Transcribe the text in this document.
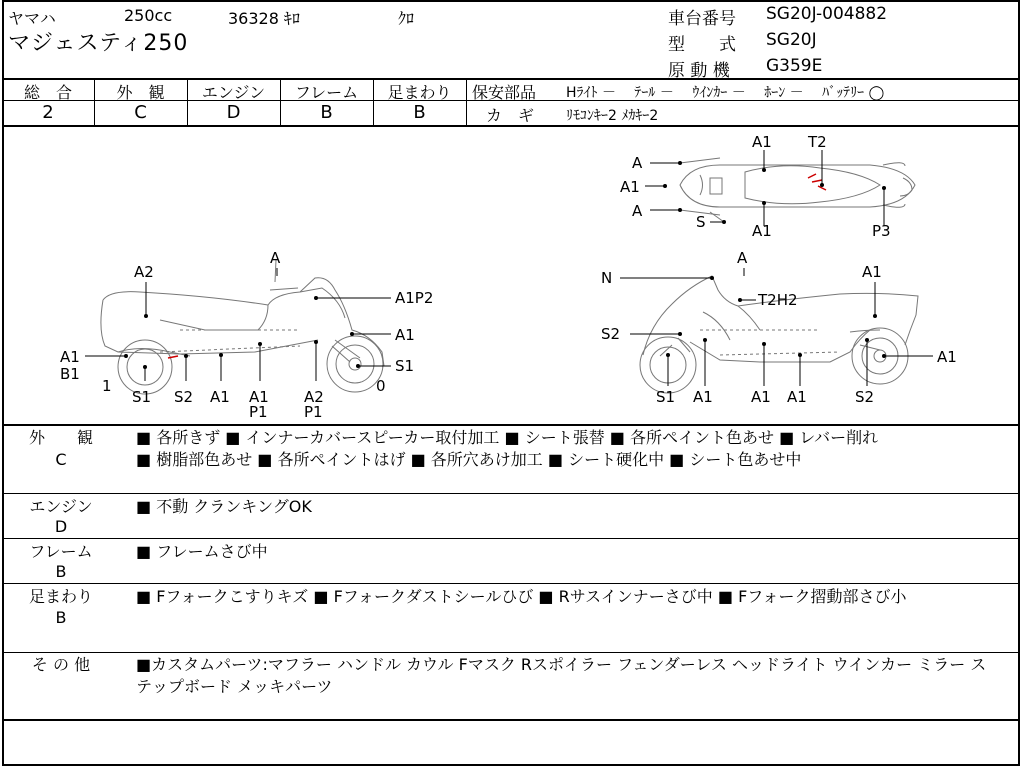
ヤマハ	250cc	36328 ｷﾛ	ｸﾛ
マジェスティ250
車台番号 SG20J-004882
型　　式 SG20J
原 動 機 G359E
総　合	外　観	エンジン	フレーム	足まわり
2	C	D	B	B
保安部品 Hﾗｲﾄ －　 ﾃｰﾙ －　 ｳｲﾝｶｰ －　 ﾎｰﾝ －　 ﾊﾞｯﾃﾘｰ ◯
カ　ギ ﾘﾓｺﾝｷｰ2 ﾒｶｷｰ2
A2
A
A1P2
A1
S1
0
A1
B1
1
S1 S2 A1 A1
P1
A2
P1
A1 T2
A
A1
A
S	A1	P3
N
A
A1
T2H2
S2
A1
S1 A1	A1 A1	S2
外　　観
C
■ 各所きず ■ インナーカバースピーカー取付加工 ■ シート張替 ■ 各所ペイント色あせ ■ レバー削れ
■ 樹脂部色あせ ■ 各所ペイントはげ ■ 各所穴あけ加工 ■ シート硬化中 ■ シート色あせ中
エンジン
D
■ 不動 クランキングOK
フレーム
B
■ フレームさび中
足まわり
B
■ Fフォークこすりキズ ■ Fフォークダストシールひび ■ Rサスインナーさび中 ■ Fフォーク摺動部さび小
そ の 他	■カスタムパーツ:マフラー ハンドル カウル Fマスク Rスポイラー フェンダーレス ヘッドライト ウインカー ミラー ス
テップボード メッキパーツ
